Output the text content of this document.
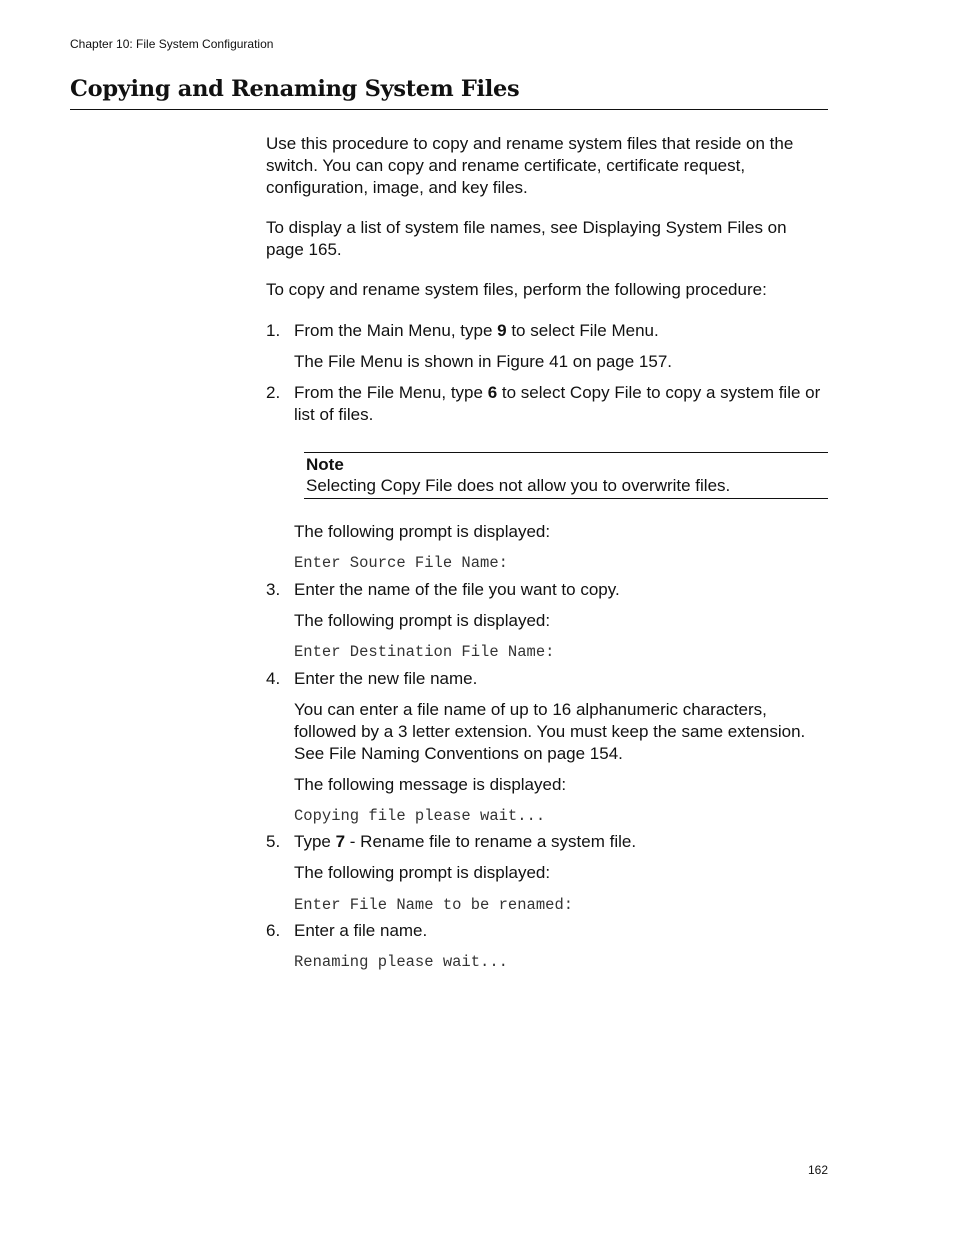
Chapter 10: File System Configuration
Copying and Renaming System Files

Use this procedure to copy and rename system files that reside on the switch. You can copy and rename certificate, certificate request, configuration, image, and key files.

To display a list of system file names, see Displaying System Files on page 165.

To copy and rename system files, perform the following procedure:

1. From the Main Menu, type 9 to select File Menu.
The File Menu is shown in Figure 41 on page 157.
2. From the File Menu, type 6 to select Copy File to copy a system file or list of files.
Note
Selecting Copy File does not allow you to overwrite files.
The following prompt is displayed:
Enter Source File Name:
3. Enter the name of the file you want to copy.
The following prompt is displayed:
Enter Destination File Name:
4. Enter the new file name.
You can enter a file name of up to 16 alphanumeric characters, followed by a 3 letter extension. You must keep the same extension. See File Naming Conventions on page 154.
The following message is displayed:
Copying file please wait...
5. Type 7 - Rename file to rename a system file.
The following prompt is displayed:
Enter File Name to be renamed:
6. Enter a file name.
Renaming please wait...
162
